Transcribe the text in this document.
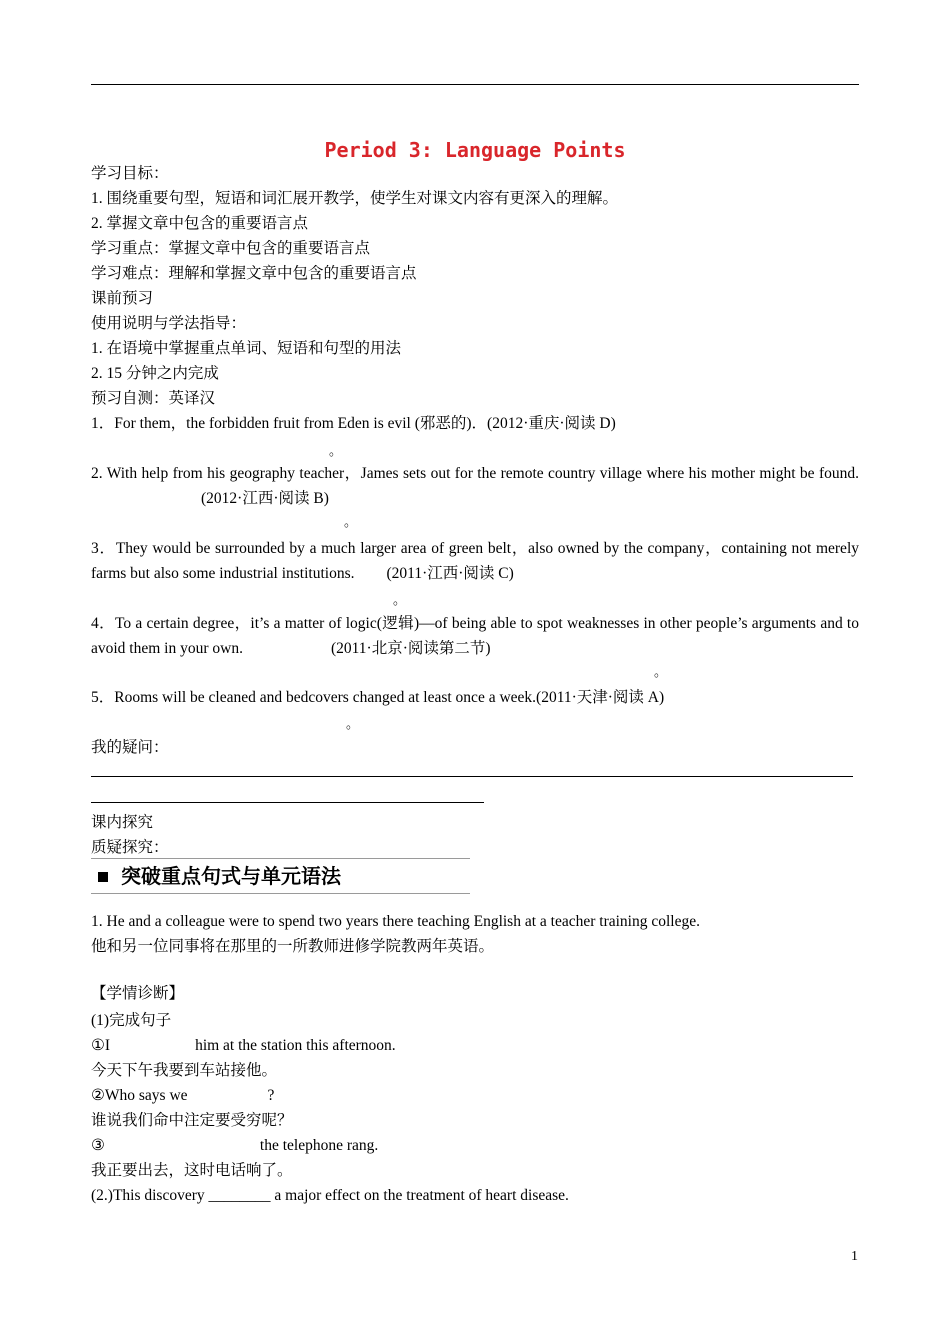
Period 3: Language Points
学习目标：
1. 围绕重要句型，短语和词汇展开教学，使学生对课文内容有更深入的理解。
2. 掌握文章中包含的重要语言点
学习重点：掌握文章中包含的重要语言点
学习难点：理解和掌握文章中包含的重要语言点
课前预习
使用说明与学法指导：
1. 在语境中掌握重点单词、短语和句型的用法
2. 15 分钟之内完成
预习自测：英译汉
1．For them，the forbidden fruit from Eden is evil (邪恶的)．(2012·重庆·阅读 D)
。
2. With help from his geography teacher，James sets out for the remote country village where his mother might be found.(2012·江西·阅读 B)
。
3．They would be surrounded by a much larger area of green belt，also owned by the company，containing not merely farms but also some industrial institutions. (2011·江西·阅读 C)
。
4．To a certain degree，it’s a matter of logic(逻辑)—of being able to spot weaknesses in other people’s arguments and to avoid them in your own.	(2011·北京·阅读第二节)
。
5．Rooms will be cleaned and bedcovers changed at least once a week.(2011·天津·阅读 A)
。
我的疑问：
课内探究
质疑探究：
突破重点句式与单元语法
1. He and a colleague were to spend two years there teaching English at a teacher training college.
他和另一位同事将在那里的一所教师进修学院教两年英语。
【学情诊断】
(1)完成句子
①I	him at the station this afternoon.
今天下午我要到车站接他。
②Who says we	?
谁说我们命中注定要受穷呢？
③	the telephone rang.
我正要出去，这时电话响了。
(2.)This discovery ________ a major effect on the treatment of heart disease.
1
